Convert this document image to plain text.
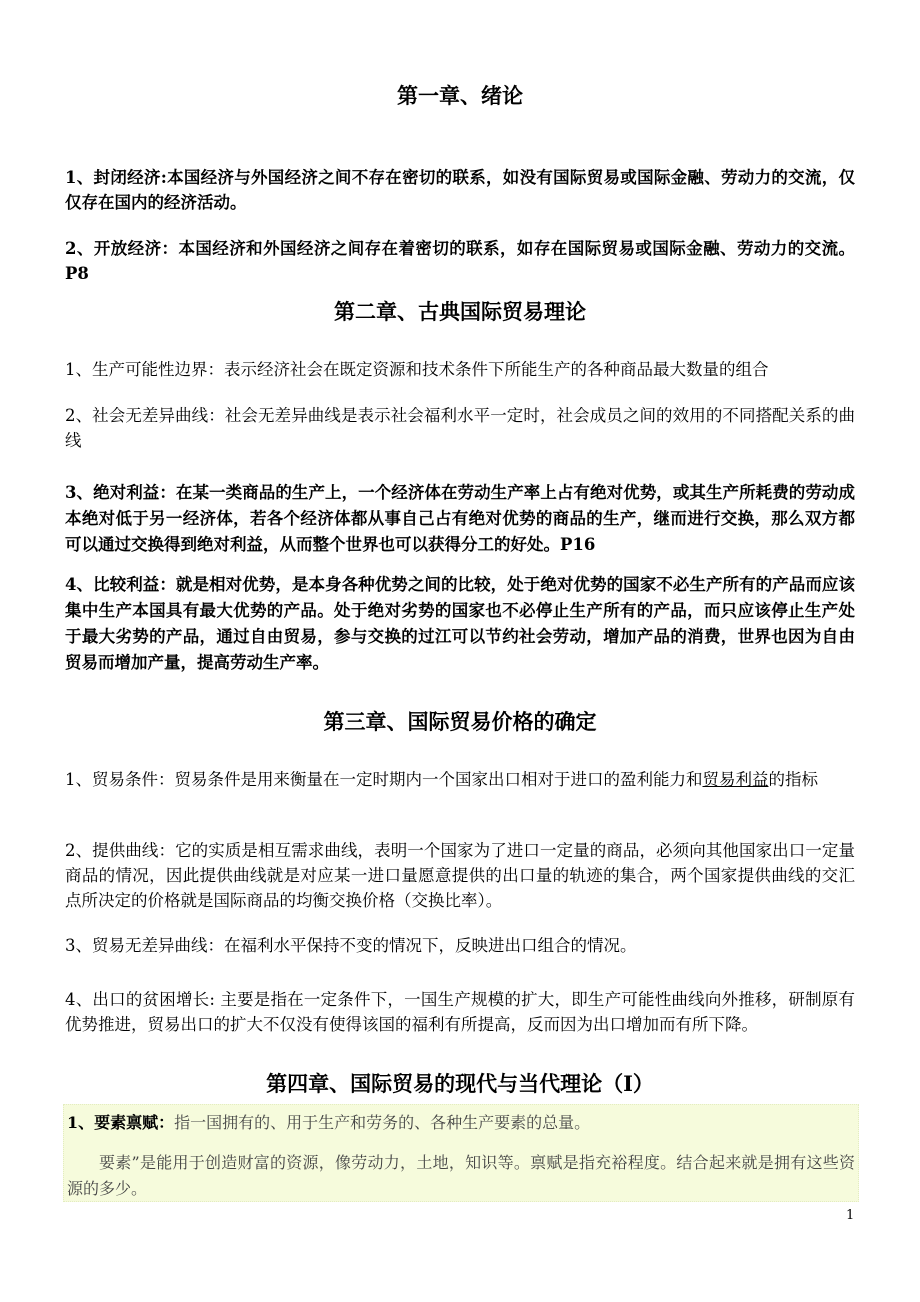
第一章、绪论
1、封闭经济:本国经济与外国经济之间不存在密切的联系，如没有国际贸易或国际金融、劳动力的交流，仅仅存在国内的经济活动。
2、开放经济：本国经济和外国经济之间存在着密切的联系，如存在国际贸易或国际金融、劳动力的交流。P8
第二章、古典国际贸易理论
1、生产可能性边界：表示经济社会在既定资源和技术条件下所能生产的各种商品最大数量的组合
2、社会无差异曲线：社会无差异曲线是表示社会福利水平一定时，社会成员之间的效用的不同搭配关系的曲线
3、绝对利益：在某一类商品的生产上，一个经济体在劳动生产率上占有绝对优势，或其生产所耗费的劳动成本绝对低于另一经济体，若各个经济体都从事自己占有绝对优势的商品的生产，继而进行交换，那么双方都可以通过交换得到绝对利益，从而整个世界也可以获得分工的好处。P16
4、比较利益：就是相对优势，是本身各种优势之间的比较，处于绝对优势的国家不必生产所有的产品而应该集中生产本国具有最大优势的产品。处于绝对劣势的国家也不必停止生产所有的产品，而只应该停止生产处于最大劣势的产品，通过自由贸易，参与交换的过江可以节约社会劳动，增加产品的消费，世界也因为自由贸易而增加产量，提高劳动生产率。
第三章、国际贸易价格的确定
1、贸易条件：贸易条件是用来衡量在一定时期内一个国家出口相对于进口的盈利能力和贸易利益的指标
2、提供曲线：它的实质是相互需求曲线，表明一个国家为了进口一定量的商品，必须向其他国家出口一定量商品的情况，因此提供曲线就是对应某一进口量愿意提供的出口量的轨迹的集合，两个国家提供曲线的交汇点所决定的价格就是国际商品的均衡交换价格（交换比率）。
3、贸易无差异曲线：在福利水平保持不变的情况下，反映进出口组合的情况。
4、出口的贫困增长: 主要是指在一定条件下，一国生产规模的扩大，即生产可能性曲线向外推移，研制原有优势推进，贸易出口的扩大不仅没有使得该国的福利有所提高，反而因为出口增加而有所下降。
第四章、国际贸易的现代与当代理论（I）
1、要素禀赋：指一国拥有的、用于生产和劳务的、各种生产要素的总量。
要素”是能用于创造财富的资源，像劳动力，土地，知识等。禀赋是指充裕程度。结合起来就是拥有这些资源的多少。
1
